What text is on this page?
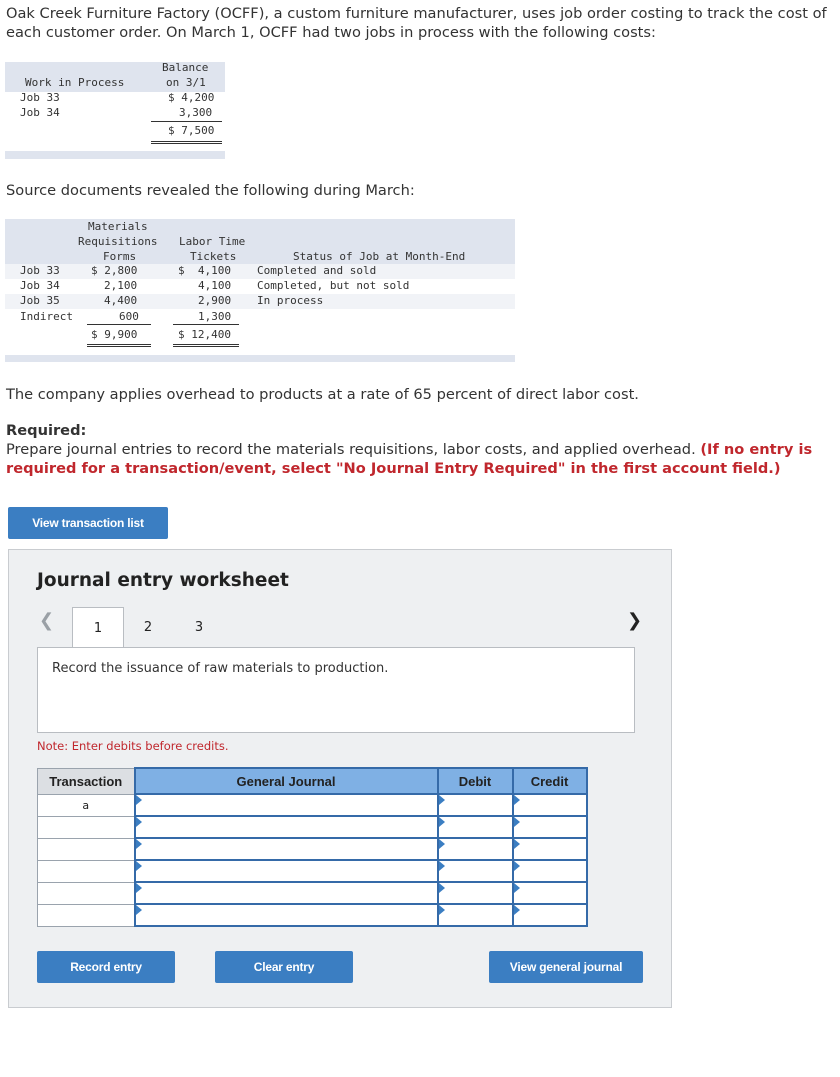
Oak Creek Furniture Factory (OCFF), a custom furniture manufacturer, uses job order costing to track the cost of each customer order. On March 1, OCFF had two jobs in process with the following costs:
Work in Process
Balance
on 3/1
Job 33	$ 4,200
Job 34	3,300
$ 7,500
Source documents revealed the following during March:
Materials
Requisitions
Forms
Labor Time
Tickets	Status of Job at Month-End
Job 33	$ 2,800	$  4,100 Completed and sold
Job 34	2,100	4,100 Completed, but not sold
Job 35	4,400	2,900 In process
Indirect	600	1,300
$ 9,900	$ 12,400
The company applies overhead to products at a rate of 65 percent of direct labor cost.
Required:
Prepare journal entries to record the materials requisitions, labor costs, and applied overhead. (If no entry is required for a transaction/event, select "No Journal Entry Required" in the first account field.)
View transaction list
Journal entry worksheet
❮	1	2	3	❯
Record the issuance of raw materials to production.
Note: Enter debits before credits.
Transaction	General Journal	Debit	Credit
a	

Record entry	Clear entry	View general journal
